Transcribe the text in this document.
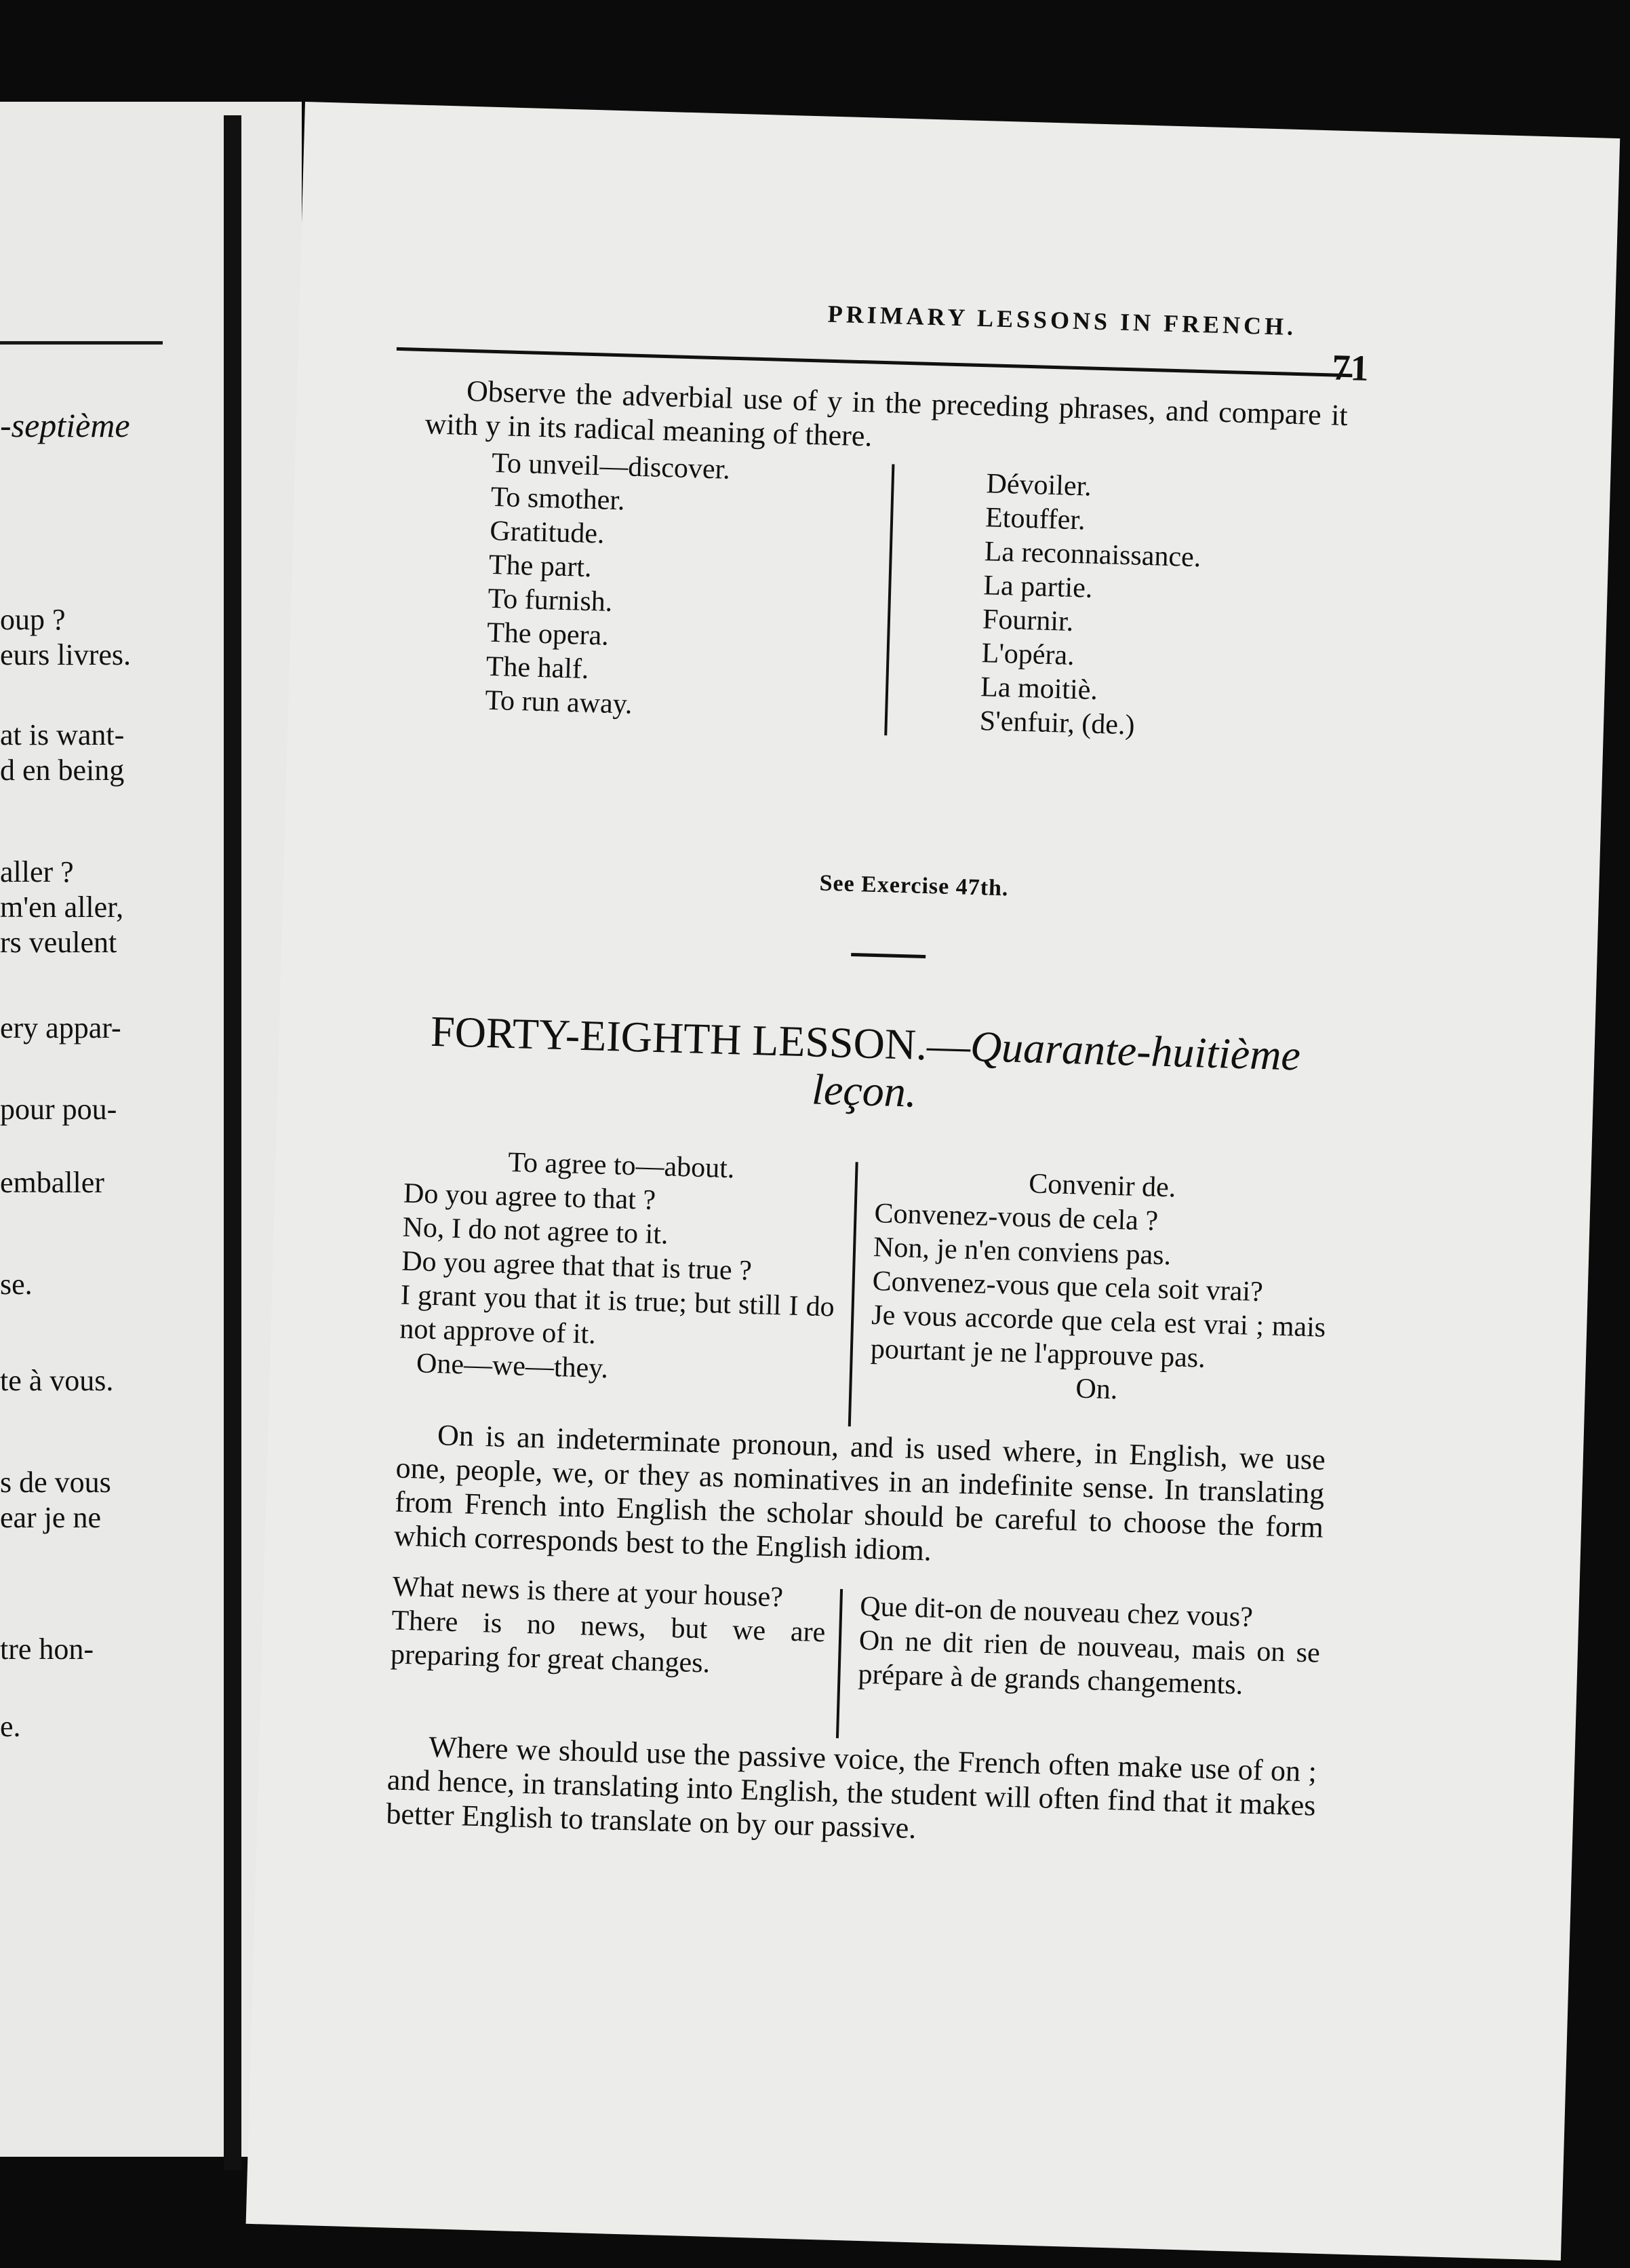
-septième
oup ?
eurs livres.
at is want-
d en being
aller ?
m'en aller,
rs veulent
ery appar-
pour pou-
emballer
se.
te à vous.
s de vous
ear je ne
tre hon-
e.
PRIMARY LESSONS IN FRENCH.
71
Observe the adverbial use of y in the preceding phrases, and compare it with y in its radical meaning of there.
To unveil—discover.
To smother.
Gratitude.
The part.
To furnish.
The opera.
The half.
To run away.
Dévoiler.
Etouffer.
La reconnaissance.
La partie.
Fournir.
L'opéra.
La moitiè.
S'enfuir, (de.)
See Exercise 47th.
FORTY-EIGHTH LESSON.—Quarante-huitième
leçon.
To agree to—about.
Do you agree to that ?
No, I do not agree to it.
Do you agree that that is true ?
I grant you that it is true; but still I do not approve of it.
One—we—they.
Convenir de.
Convenez-vous de cela ?
Non, je n'en conviens pas.
Convenez-vous que cela soit vrai?
Je vous accorde que cela est vrai ; mais pourtant je ne l'approuve pas.
On.
On is an indeterminate pronoun, and is used where, in English, we use one, people, we, or they as nominatives in an indefinite sense. In translating from French into English the scholar should be careful to choose the form which corresponds best to the English idiom.
What news is there at your house?
There is no news, but we are preparing for great changes.
Que dit-on de nouveau chez vous?
On ne dit rien de nouveau, mais on se prépare à de grands changements.
Where we should use the passive voice, the French often make use of on ; and hence, in translating into English, the student will often find that it makes better English to translate on by our passive.
